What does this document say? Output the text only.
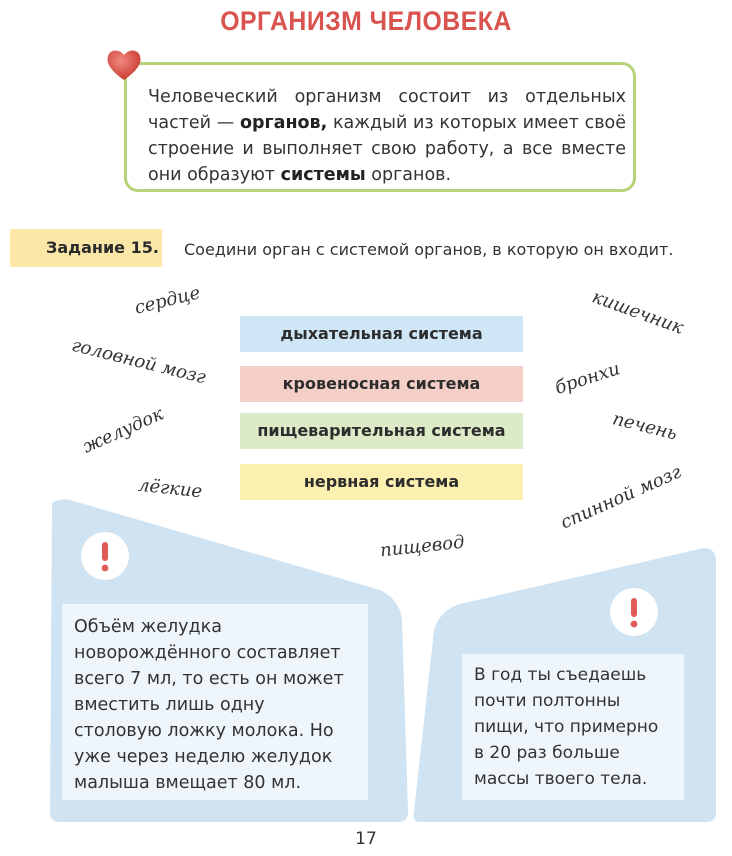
ОРГАНИЗМ ЧЕЛОВЕКА
Человеческий организм состоит из отдельных частей — органов, каждый из которых имеет своё строение и выполняет свою работу, а все вместе они образуют системы органов.
Задание 15. Соедини орган с системой органов, в которую он входит.
дыхательная система
кровеносная система
пищеварительная система
нервная система
сердце
головной мозг
желудок
лёгкие
кишечник
бронхи
печень
спинной мозг
пищевод
Объём желудка новорождённого составляет всего 7 мл, то есть он может вместить лишь одну столовую ложку молока. Но уже через неделю желудок малыша вмещает 80 мл.
В год ты съедаешь почти полтонны пищи, что примерно в 20 раз больше массы твоего тела.
17
